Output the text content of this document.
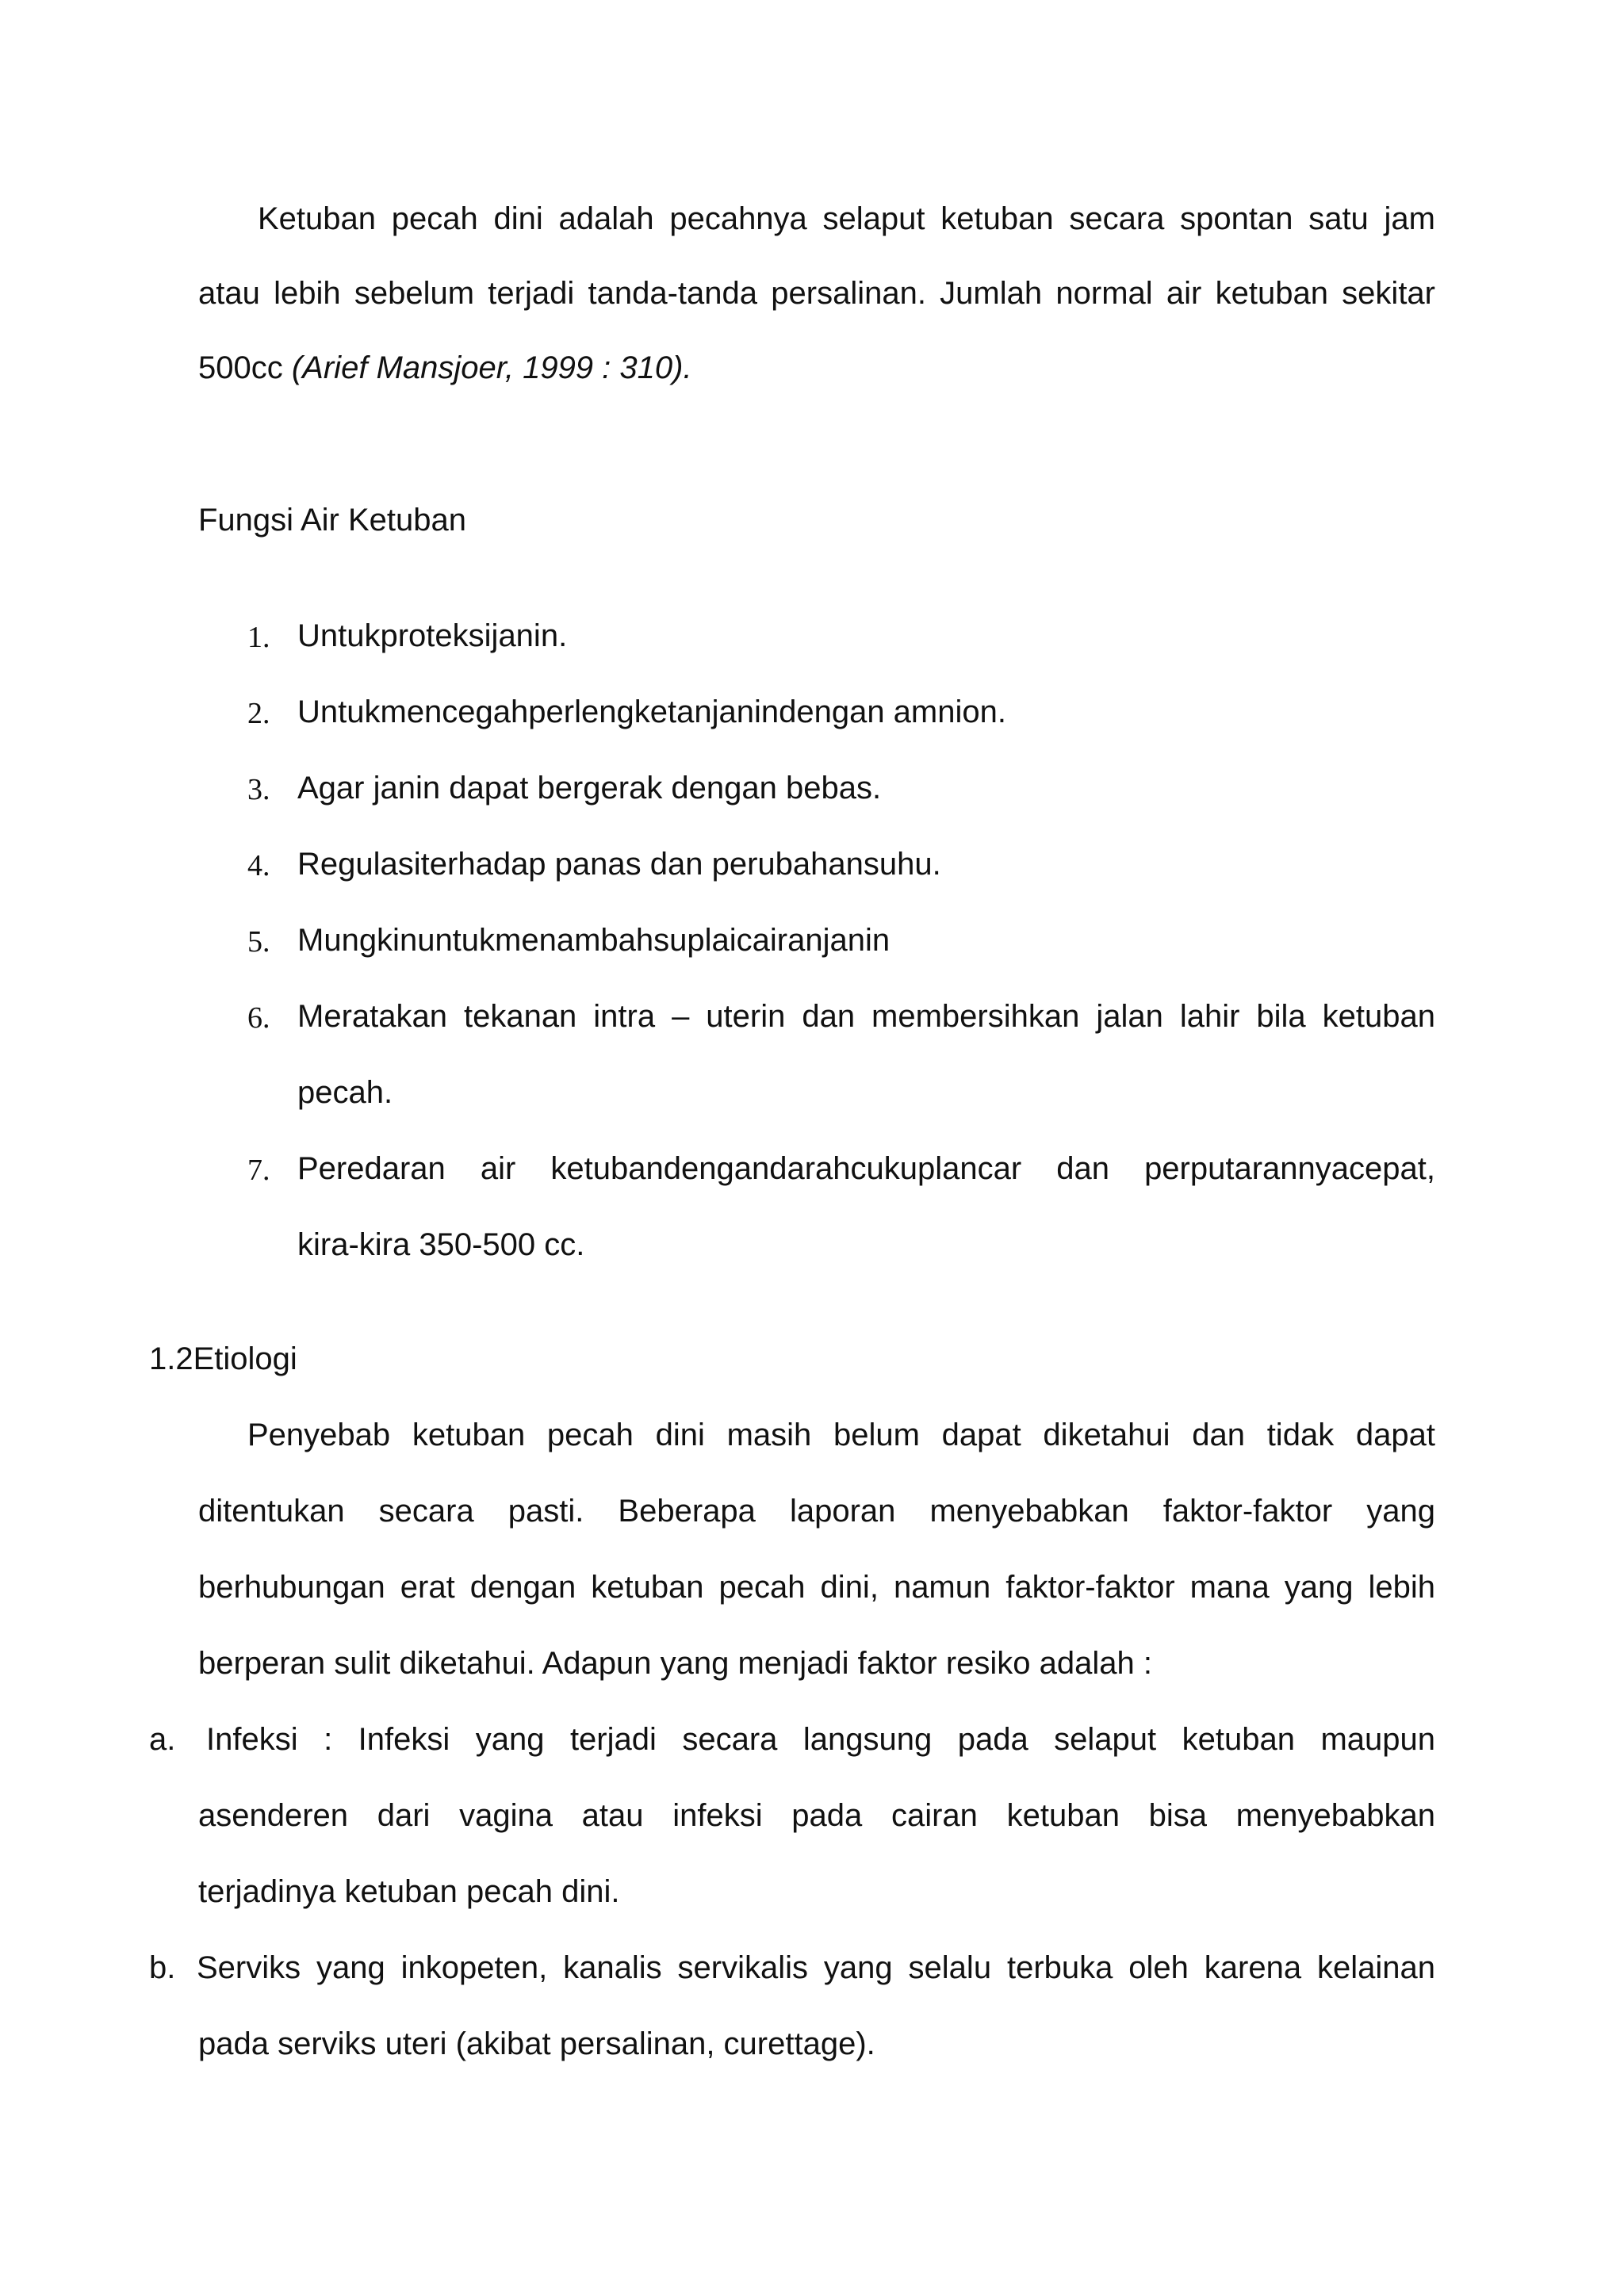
Ketuban pecah dini adalah pecahnya selaput ketuban secara spontan satu jam
atau lebih sebelum terjadi tanda-tanda persalinan. Jumlah normal air ketuban sekitar
500cc (Arief Mansjoer, 1999 : 310).
Fungsi Air Ketuban
1. Untukproteksijanin.
2. Untukmencegahperlengketanjanindengan amnion.
3. Agar janin dapat bergerak dengan bebas.
4. Regulasiterhadap panas dan perubahansuhu.
5. Mungkinuntukmenambahsuplaicairanjanin
6. Meratakan tekanan intra – uterin dan membersihkan jalan lahir bila ketuban
pecah.
7. Peredaran air ketubandengandarahcukuplancar dan perputarannyacepat,
kira-kira 350-500 cc.
1.2Etiologi
Penyebab ketuban pecah dini masih belum dapat diketahui dan tidak dapat
ditentukan secara pasti. Beberapa laporan menyebabkan faktor-faktor yang
berhubungan erat dengan ketuban pecah dini, namun faktor-faktor mana yang lebih
berperan sulit diketahui. Adapun yang menjadi faktor resiko adalah :
a. Infeksi : Infeksi yang terjadi secara langsung pada selaput ketuban maupun
asenderen dari vagina atau infeksi pada cairan ketuban bisa menyebabkan
terjadinya ketuban pecah dini.
b. Serviks yang inkopeten, kanalis servikalis yang selalu terbuka oleh karena kelainan
pada serviks uteri (akibat persalinan, curettage).
